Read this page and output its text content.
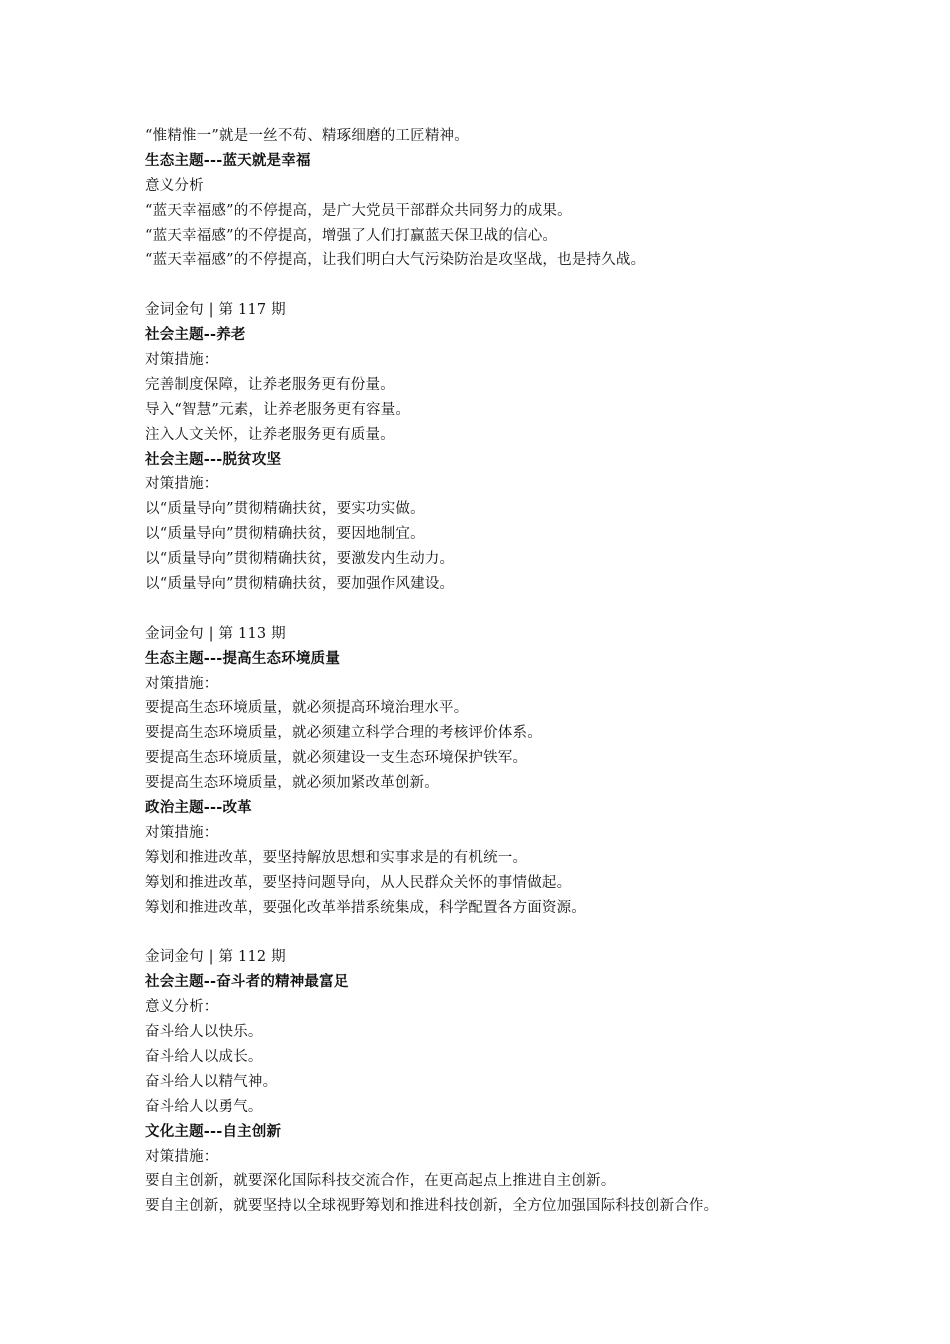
“惟精惟一”就是一丝不苟、精琢细磨的工匠精神。
生态主题---蓝天就是幸福
意义分析
“蓝天幸福感”的不停提高，是广大党员干部群众共同努力的成果。
“蓝天幸福感”的不停提高，增强了人们打赢蓝天保卫战的信心。
“蓝天幸福感”的不停提高，让我们明白大气污染防治是攻坚战，也是持久战。
金词金句 | 第 117 期
社会主题--养老
对策措施：
完善制度保障，让养老服务更有份量。
导入“智慧”元素，让养老服务更有容量。
注入人文关怀，让养老服务更有质量。
社会主题---脱贫攻坚
对策措施：
以“质量导向”贯彻精确扶贫，要实功实做。
以“质量导向”贯彻精确扶贫，要因地制宜。
以“质量导向”贯彻精确扶贫，要激发内生动力。
以“质量导向”贯彻精确扶贫，要加强作风建设。
金词金句 | 第 113 期
生态主题---提高生态环境质量
对策措施：
要提高生态环境质量，就必须提高环境治理水平。
要提高生态环境质量，就必须建立科学合理的考核评价体系。
要提高生态环境质量，就必须建设一支生态环境保护铁军。
要提高生态环境质量，就必须加紧改革创新。
政治主题---改革
对策措施：
筹划和推进改革，要坚持解放思想和实事求是的有机统一。
筹划和推进改革，要坚持问题导向，从人民群众关怀的事情做起。
筹划和推进改革，要强化改革举措系统集成，科学配置各方面资源。
金词金句 | 第 112 期
社会主题--奋斗者的精神最富足
意义分析：
奋斗给人以快乐。
奋斗给人以成长。
奋斗给人以精气神。
奋斗给人以勇气。
文化主题---自主创新
对策措施：
要自主创新，就要深化国际科技交流合作，在更高起点上推进自主创新。
要自主创新，就要坚持以全球视野筹划和推进科技创新，全方位加强国际科技创新合作。
